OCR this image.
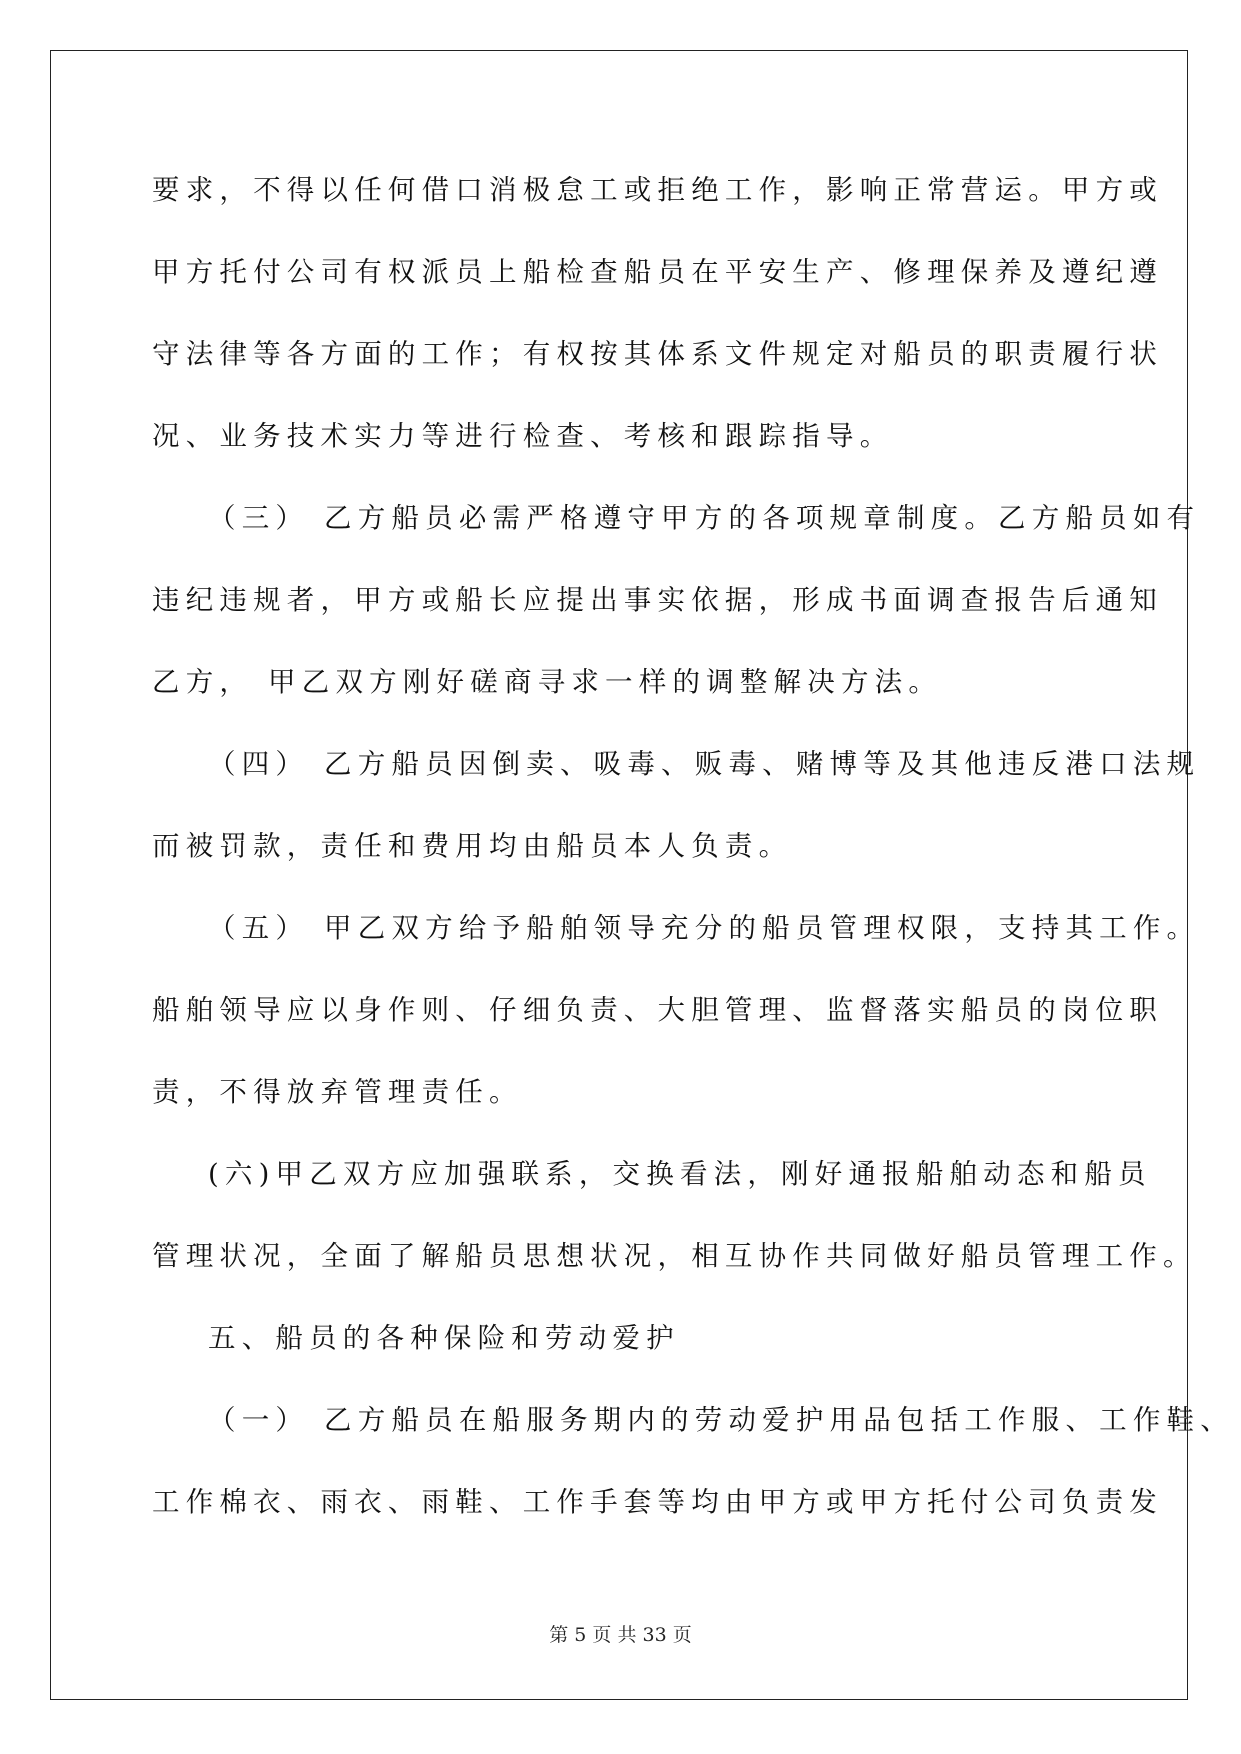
要求，不得以任何借口消极怠工或拒绝工作，影响正常营运。甲方或
甲方托付公司有权派员上船检查船员在平安生产、修理保养及遵纪遵
守法律等各方面的工作；有权按其体系文件规定对船员的职责履行状
况、业务技术实力等进行检查、考核和跟踪指导。
（三） 乙方船员必需严格遵守甲方的各项规章制度。乙方船员如有
违纪违规者，甲方或船长应提出事实依据，形成书面调查报告后通知
乙方， 甲乙双方刚好磋商寻求一样的调整解决方法。
（四） 乙方船员因倒卖、吸毒、贩毒、赌博等及其他违反港口法规
而被罚款，责任和费用均由船员本人负责。
（五） 甲乙双方给予船舶领导充分的船员管理权限，支持其工作。
船舶领导应以身作则、仔细负责、大胆管理、监督落实船员的岗位职
责，不得放弃管理责任。
(六)甲乙双方应加强联系，交换看法，刚好通报船舶动态和船员
管理状况，全面了解船员思想状况，相互协作共同做好船员管理工作。
五、船员的各种保险和劳动爱护
（一） 乙方船员在船服务期内的劳动爱护用品包括工作服、工作鞋、
工作棉衣、雨衣、雨鞋、工作手套等均由甲方或甲方托付公司负责发
第 5 页 共 33 页
